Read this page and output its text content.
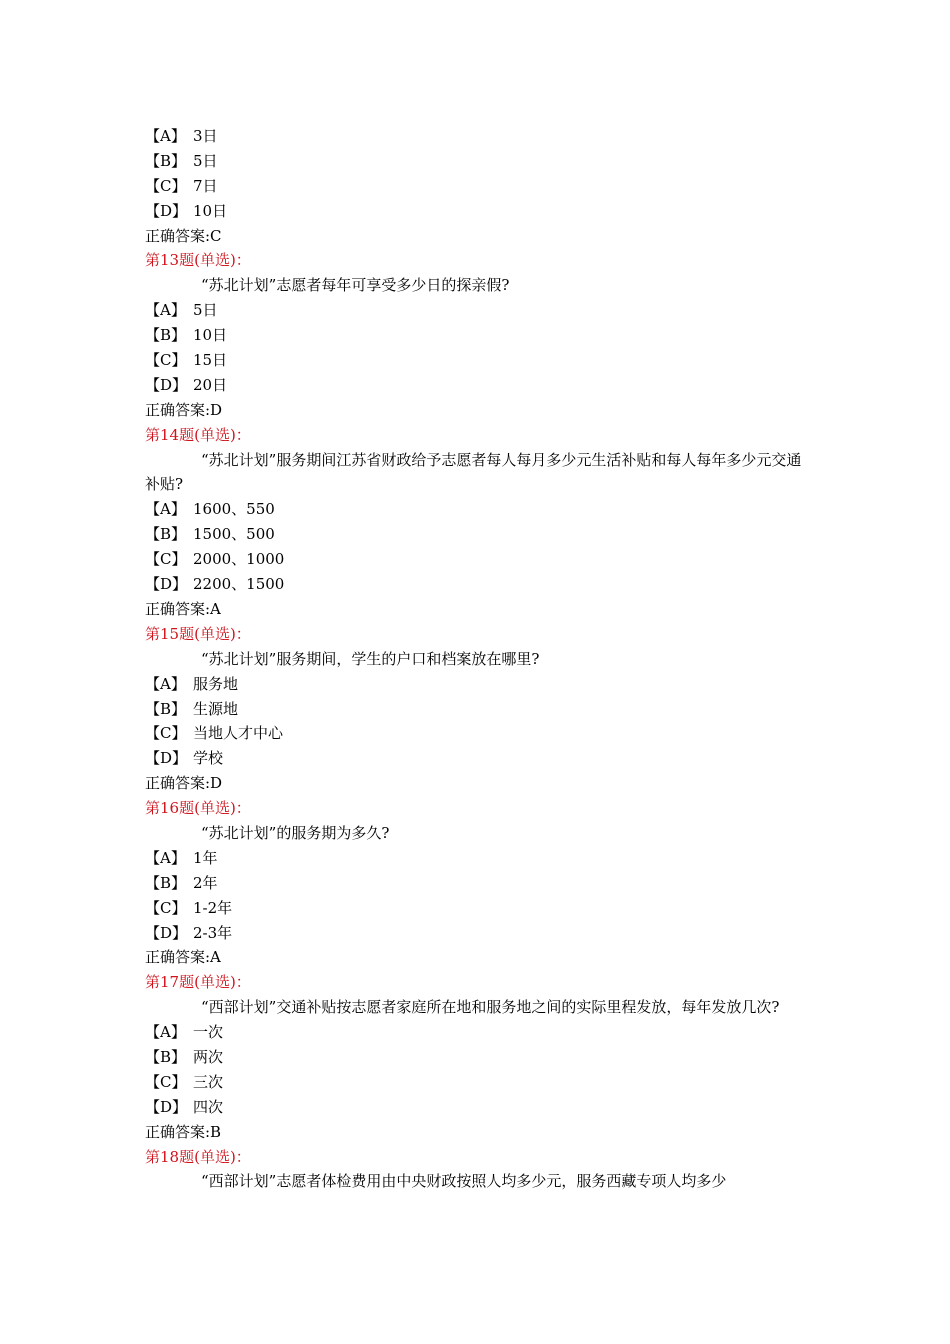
【A】 3日
【B】 5日
【C】 7日
【D】 10日
正确答案:C
第13题(单选)：
“苏北计划”志愿者每年可享受多少日的探亲假?
【A】 5日
【B】 10日
【C】 15日
【D】 20日
正确答案:D
第14题(单选)：
“苏北计划”服务期间江苏省财政给予志愿者每人每月多少元生活补贴和每人每年多少元交通补贴?
【A】 1600、550
【B】 1500、500
【C】 2000、1000
【D】 2200、1500
正确答案:A
第15题(单选)：
“苏北计划”服务期间，学生的户口和档案放在哪里?
【A】 服务地
【B】 生源地
【C】 当地人才中心
【D】 学校
正确答案:D
第16题(单选)：
“苏北计划”的服务期为多久?
【A】 1年
【B】 2年
【C】 1-2年
【D】 2-3年
正确答案:A
第17题(单选)：
“西部计划”交通补贴按志愿者家庭所在地和服务地之间的实际里程发放，每年发放几次?
【A】 一次
【B】 两次
【C】 三次
【D】 四次
正确答案:B
第18题(单选)：
“西部计划”志愿者体检费用由中央财政按照人均多少元，服务西藏专项人均多少
